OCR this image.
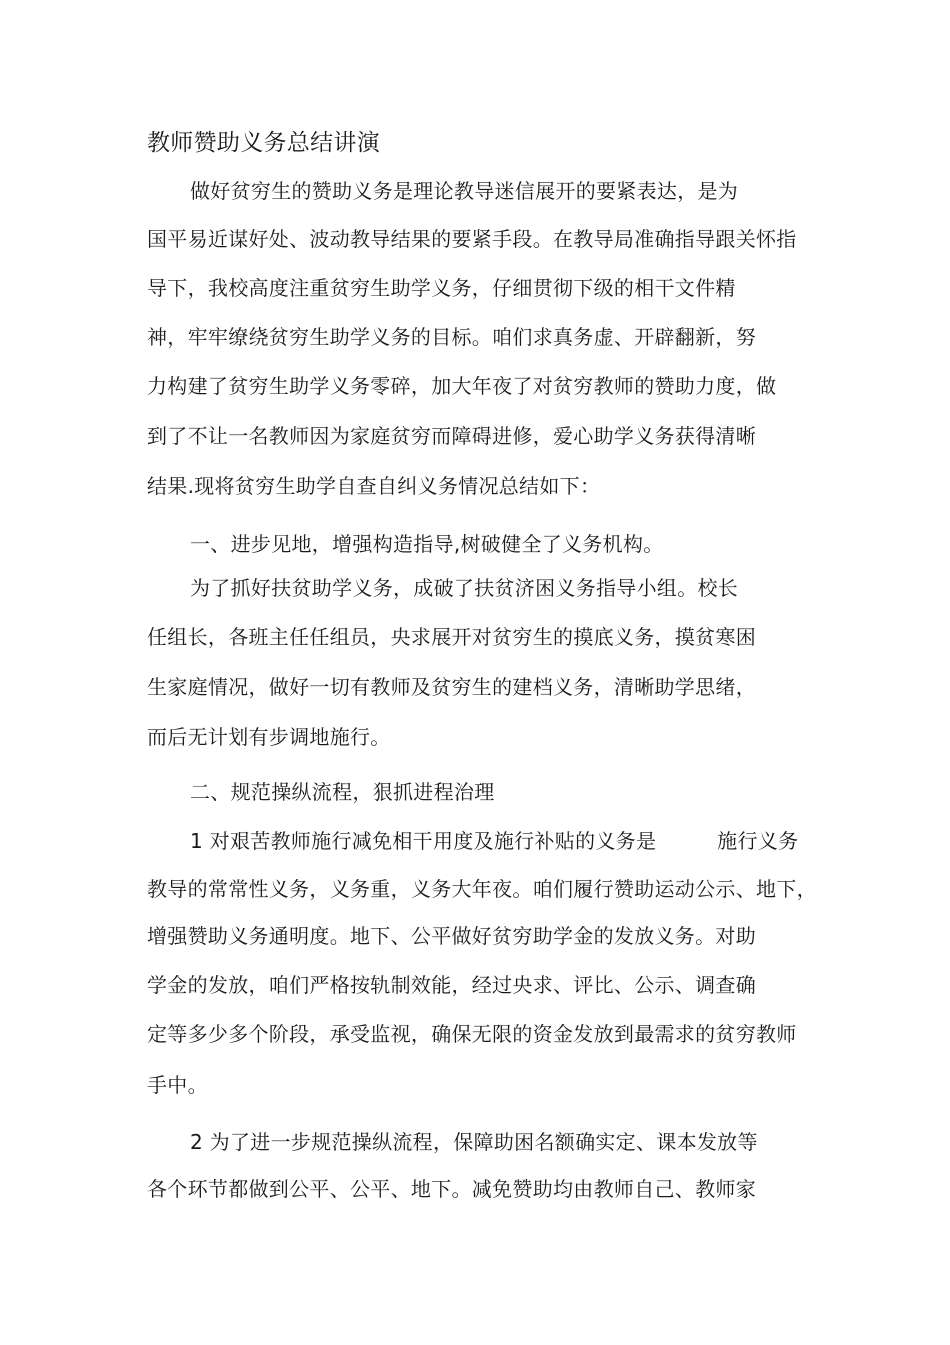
教师赞助义务总结讲演
做好贫穷生的赞助义务是理论教导迷信展开的要紧表达，是为
国平易近谋好处、波动教导结果的要紧手段。在教导局准确指导跟关怀指
导下，我校高度注重贫穷生助学义务，仔细贯彻下级的相干文件精
神，牢牢缭绕贫穷生助学义务的目标。咱们求真务虚、开辟翻新，努
力构建了贫穷生助学义务零碎，加大年夜了对贫穷教师的赞助力度，做
到了不让一名教师因为家庭贫穷而障碍进修，爱心助学义务获得清晰
结果.现将贫穷生助学自查自纠义务情况总结如下：
一、进步见地，增强构造指导,树破健全了义务机构。
为了抓好扶贫助学义务，成破了扶贫济困义务指导小组。校长
任组长，各班主任任组员，央求展开对贫穷生的摸底义务，摸贫寒困
生家庭情况，做好一切有教师及贫穷生的建档义务，清晰助学思绪，
而后无计划有步调地施行。
二、规范操纵流程，狠抓进程治理
1 对艰苦教师施行减免相干用度及施行补贴的义务是　　　施行义务
教导的常常性义务，义务重，义务大年夜。咱们履行赞助运动公示、地下，
增强赞助义务通明度。地下、公平做好贫穷助学金的发放义务。对助
学金的发放，咱们严格按轨制效能，经过央求、评比、公示、调查确
定等多少多个阶段，承受监视，确保无限的资金发放到最需求的贫穷教师
手中。
2 为了进一步规范操纵流程，保障助困名额确实定、课本发放等
各个环节都做到公平、公平、地下。减免赞助均由教师自己、教师家
